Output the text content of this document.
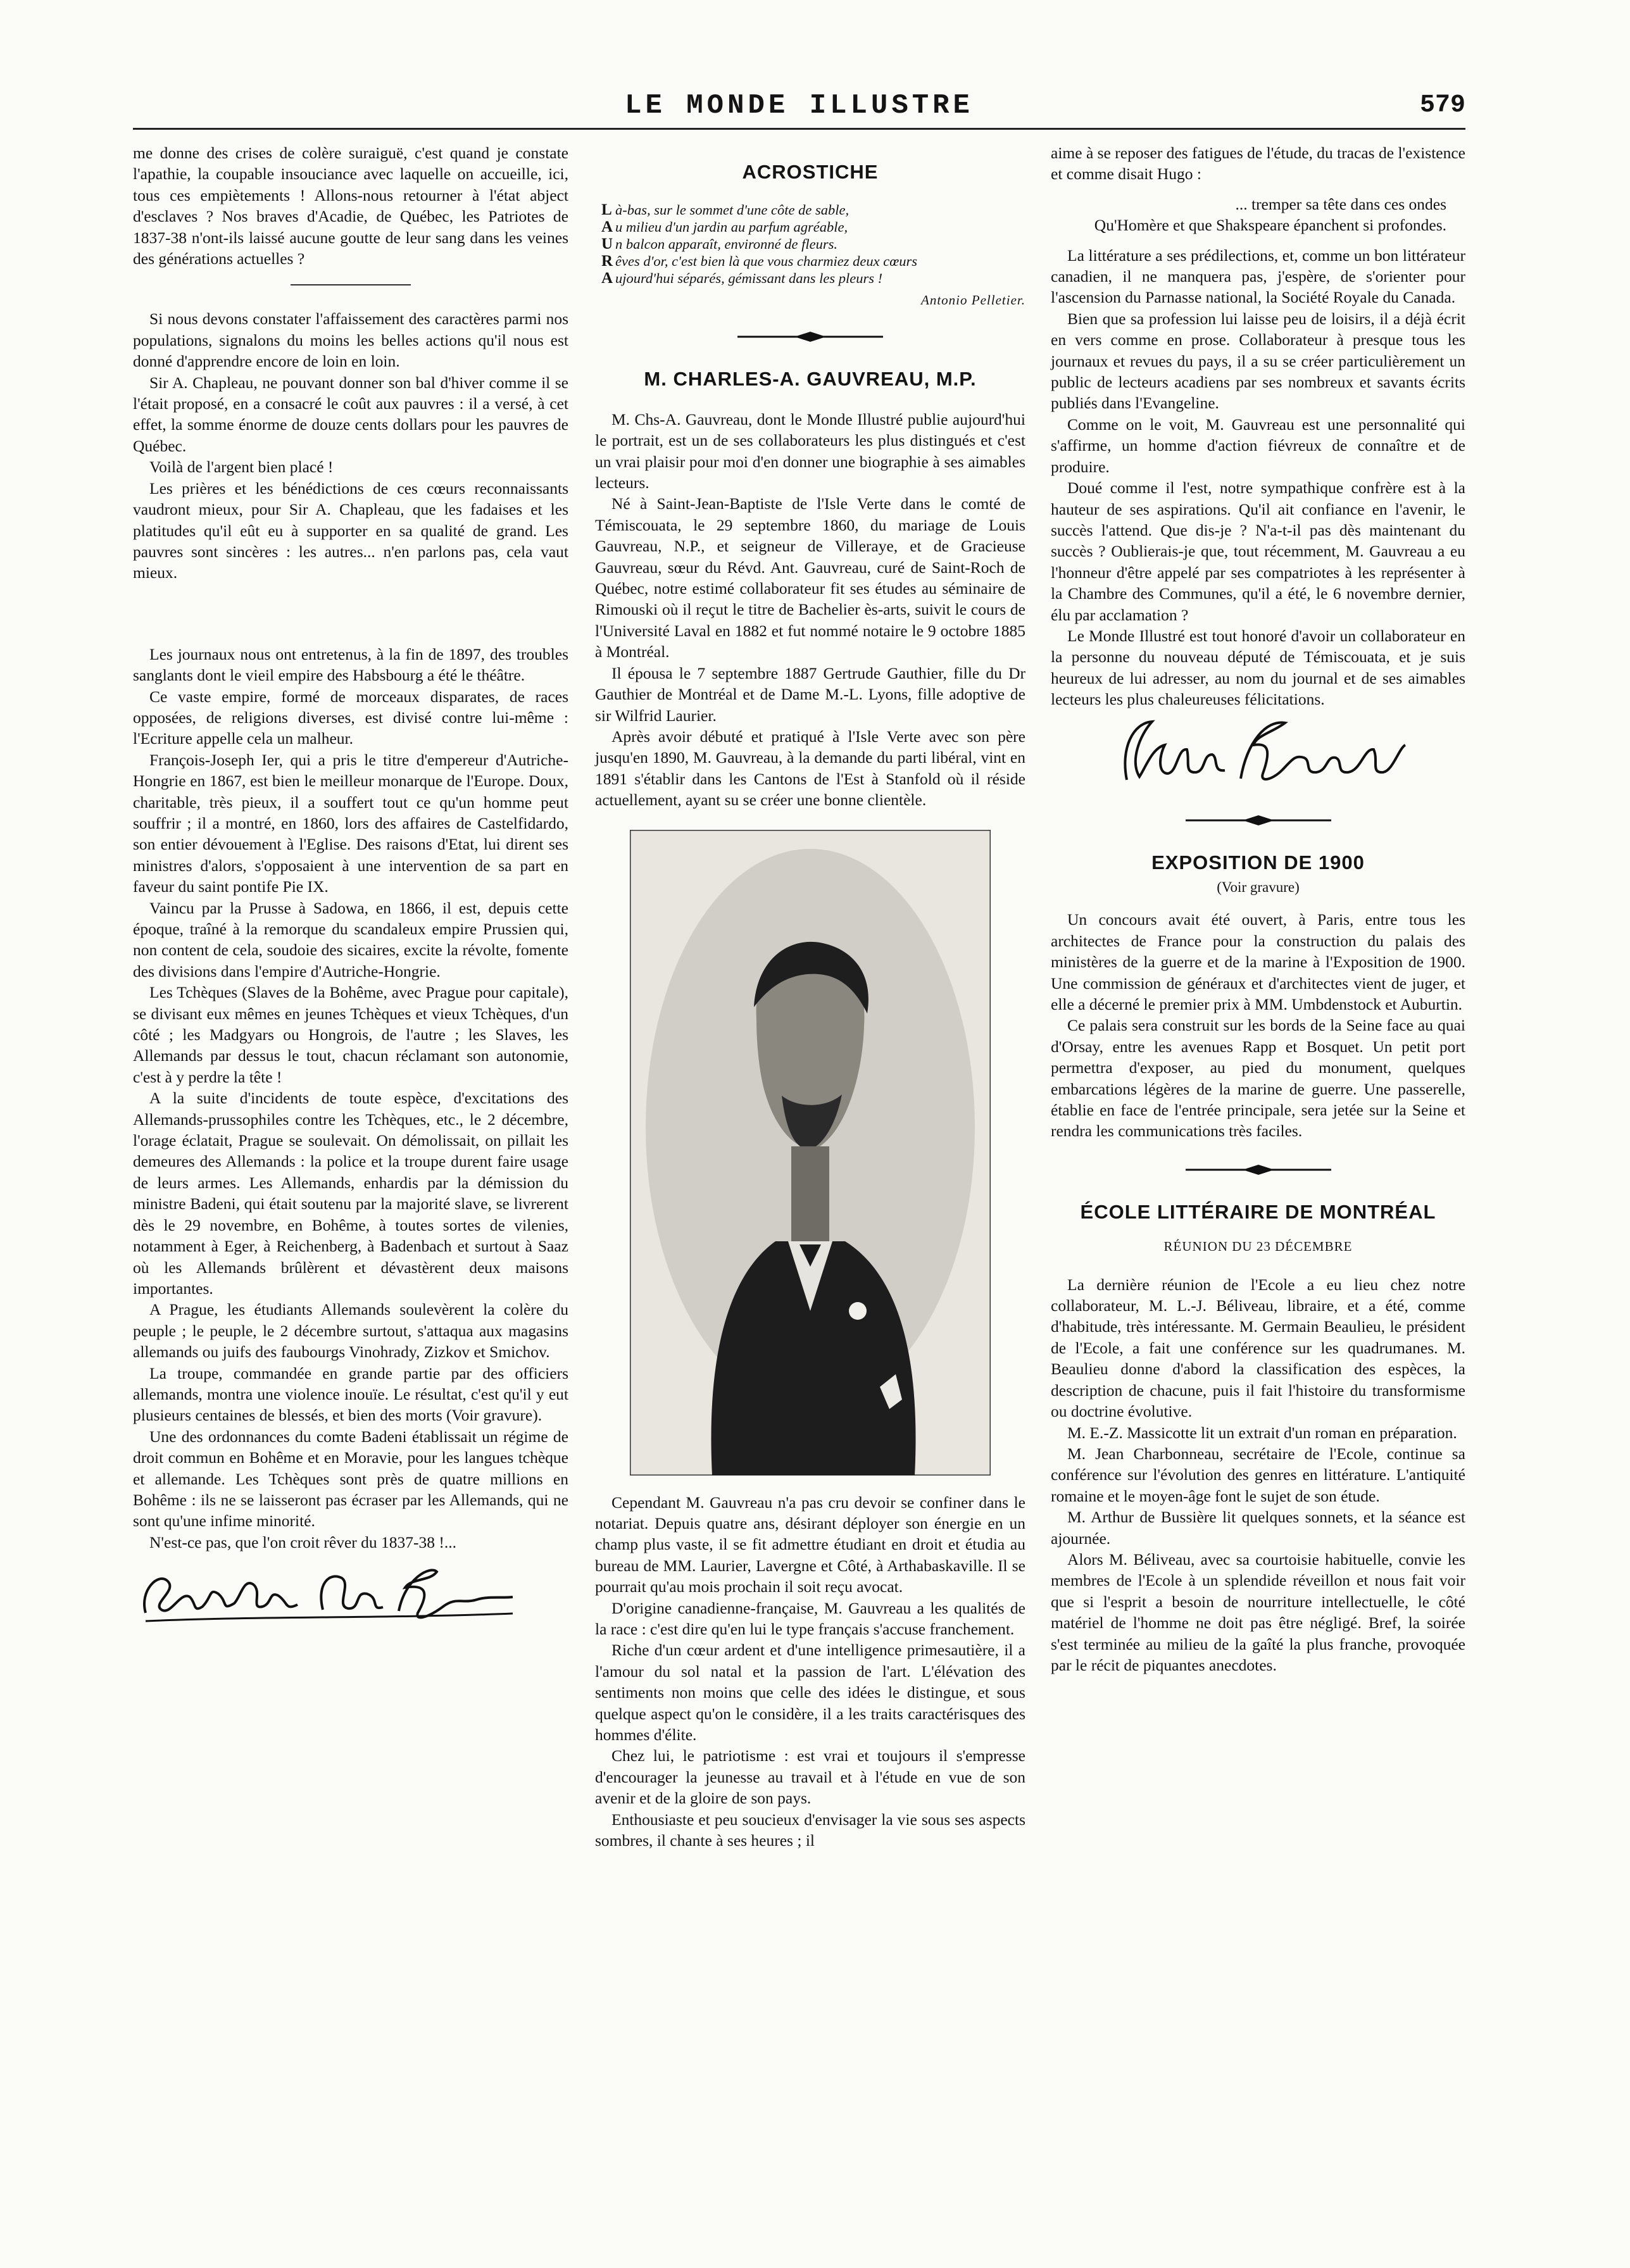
LE MONDE ILLUSTRE	579

me donne des crises de colère suraiguë, c'est quand je constate l'apathie, la coupable insouciance avec laquelle on accueille, ici, tous ces empiètements ! Allons-nous retourner à l'état abject d'esclaves ? Nos braves d'Acadie, de Québec, les Patriotes de 1837-38 n'ont-ils laissé aucune goutte de leur sang dans les veines des générations actuelles ?

Si nous devons constater l'affaissement des caractères parmi nos populations, signalons du moins les belles actions qu'il nous est donné d'apprendre encore de loin en loin.

Sir A. Chapleau, ne pouvant donner son bal d'hiver comme il se l'était proposé, en a consacré le coût aux pauvres : il a versé, à cet effet, la somme énorme de douze cents dollars pour les pauvres de Québec.

Voilà de l'argent bien placé !

Les prières et les bénédictions de ces cœurs reconnaissants vaudront mieux, pour Sir A. Chapleau, que les fadaises et les platitudes qu'il eût eu à supporter en sa qualité de grand. Les pauvres sont sincères : les autres... n'en parlons pas, cela vaut mieux.

Les journaux nous ont entretenus, à la fin de 1897, des troubles sanglants dont le vieil empire des Habsbourg a été le théâtre.

Ce vaste empire, formé de morceaux disparates, de races opposées, de religions diverses, est divisé contre lui-même : l'Ecriture appelle cela un malheur.

François-Joseph Ier, qui a pris le titre d'empereur d'Autriche-Hongrie en 1867, est bien le meilleur monarque de l'Europe. Doux, charitable, très pieux, il a souffert tout ce qu'un homme peut souffrir ; il a montré, en 1860, lors des affaires de Castelfidardo, son entier dévouement à l'Eglise. Des raisons d'Etat, lui dirent ses ministres d'alors, s'opposaient à une intervention de sa part en faveur du saint pontife Pie IX.

Vaincu par la Prusse à Sadowa, en 1866, il est, depuis cette époque, traîné à la remorque du scandaleux empire Prussien qui, non content de cela, soudoie des sicaires, excite la révolte, fomente des divisions dans l'empire d'Autriche-Hongrie.

Les Tchèques (Slaves de la Bohême, avec Prague pour capitale), se divisant eux mêmes en jeunes Tchèques et vieux Tchèques, d'un côté ; les Madgyars ou Hongrois, de l'autre ; les Slaves, les Allemands par dessus le tout, chacun réclamant son autonomie, c'est à y perdre la tête !

A la suite d'incidents de toute espèce, d'excitations des Allemands-prussophiles contre les Tchèques, etc., le 2 décembre, l'orage éclatait, Prague se soulevait. On démolissait, on pillait les demeures des Allemands : la police et la troupe durent faire usage de leurs armes. Les Allemands, enhardis par la démission du ministre Badeni, qui était soutenu par la majorité slave, se livrerent dès le 29 novembre, en Bohême, à toutes sortes de vilenies, notamment à Eger, à Reichenberg, à Badenbach et surtout à Saaz où les Allemands brûlèrent et dévastèrent deux maisons importantes.

A Prague, les étudiants Allemands soulevèrent la colère du peuple ; le peuple, le 2 décembre surtout, s'attaqua aux magasins allemands ou juifs des faubourgs Vinohrady, Zizkov et Smichov.

La troupe, commandée en grande partie par des officiers allemands, montra une violence inouïe. Le résultat, c'est qu'il y eut plusieurs centaines de blessés, et bien des morts (Voir gravure).

Une des ordonnances du comte Badeni établissait un régime de droit commun en Bohême et en Moravie, pour les langues tchèque et allemande. Les Tchèques sont près de quatre millions en Bohême : ils ne se laisseront pas écraser par les Allemands, qui ne sont qu'une infime minorité.

N'est-ce pas, que l'on croit rêver du 1837-38 !...

ACROSTICHE
L à-bas, sur le sommet d'une côte de sable,
A u milieu d'un jardin au parfum agréable,
U n balcon apparaît, environné de fleurs.
R êves d'or, c'est bien là que vous charmiez deux cœurs
A ujourd'hui séparés, gémissant dans les pleurs !
Antonio Pelletier.
M. CHARLES-A. GAUVREAU, M.P.

M. Chs-A. Gauvreau, dont le Monde Illustré publie aujourd'hui le portrait, est un de ses collaborateurs les plus distingués et c'est un vrai plaisir pour moi d'en donner une biographie à ses aimables lecteurs.

Né à Saint-Jean-Baptiste de l'Isle Verte dans le comté de Témiscouata, le 29 septembre 1860, du mariage de Louis Gauvreau, N.P., et seigneur de Villeraye, et de Gracieuse Gauvreau, sœur du Révd. Ant. Gauvreau, curé de Saint-Roch de Québec, notre estimé collaborateur fit ses études au séminaire de Rimouski où il reçut le titre de Bachelier ès-arts, suivit le cours de l'Université Laval en 1882 et fut nommé notaire le 9 octobre 1885 à Montréal.

Il épousa le 7 septembre 1887 Gertrude Gauthier, fille du Dr Gauthier de Montréal et de Dame M.-L. Lyons, fille adoptive de sir Wilfrid Laurier.

Après avoir débuté et pratiqué à l'Isle Verte avec son père jusqu'en 1890, M. Gauvreau, à la demande du parti libéral, vint en 1891 s'établir dans les Cantons de l'Est à Stanfold où il réside actuellement, ayant su se créer une bonne clientèle.

Cependant M. Gauvreau n'a pas cru devoir se confiner dans le notariat. Depuis quatre ans, désirant déployer son énergie en un champ plus vaste, il se fit admettre étudiant en droit et étudia au bureau de MM. Laurier, Lavergne et Côté, à Arthabaskaville. Il se pourrait qu'au mois prochain il soit reçu avocat.

D'origine canadienne-française, M. Gauvreau a les qualités de la race : c'est dire qu'en lui le type français s'accuse franchement.

Riche d'un cœur ardent et d'une intelligence primesautière, il a l'amour du sol natal et la passion de l'art. L'élévation des sentiments non moins que celle des idées le distingue, et sous quelque aspect qu'on le considère, il a les traits caractérisques des hommes d'élite.

Chez lui, le patriotisme : est vrai et toujours il s'empresse d'encourager la jeunesse au travail et à l'étude en vue de son avenir et de la gloire de son pays.

Enthousiaste et peu soucieux d'envisager la vie sous ses aspects sombres, il chante à ses heures ; il

aime à se reposer des fatigues de l'étude, du tracas de l'existence et comme disait Hugo :

... tremper sa tête dans ces ondes
Qu'Homère et que Shakspeare épanchent si profondes.

La littérature a ses prédilections, et, comme un bon littérateur canadien, il ne manquera pas, j'espère, de s'orienter pour l'ascension du Parnasse national, la Société Royale du Canada.

Bien que sa profession lui laisse peu de loisirs, il a déjà écrit en vers comme en prose. Collaborateur à presque tous les journaux et revues du pays, il a su se créer particulièrement un public de lecteurs acadiens par ses nombreux et savants écrits publiés dans l'Evangeline.

Comme on le voit, M. Gauvreau est une personnalité qui s'affirme, un homme d'action fiévreux de connaître et de produire.

Doué comme il l'est, notre sympathique confrère est à la hauteur de ses aspirations. Qu'il ait confiance en l'avenir, le succès l'attend. Que dis-je ? N'a-t-il pas dès maintenant du succès ? Oublierais-je que, tout récemment, M. Gauvreau a eu l'honneur d'être appelé par ses compatriotes à les représenter à la Chambre des Communes, qu'il a été, le 6 novembre dernier, élu par acclamation ?

Le Monde Illustré est tout honoré d'avoir un collaborateur en la personne du nouveau député de Témiscouata, et je suis heureux de lui adresser, au nom du journal et de ses aimables lecteurs les plus chaleureuses félicitations.

EXPOSITION DE 1900
(Voir gravure)

Un concours avait été ouvert, à Paris, entre tous les architectes de France pour la construction du palais des ministères de la guerre et de la marine à l'Exposition de 1900. Une commission de généraux et d'architectes vient de juger, et elle a décerné le premier prix à MM. Umbdenstock et Auburtin.

Ce palais sera construit sur les bords de la Seine face au quai d'Orsay, entre les avenues Rapp et Bosquet. Un petit port permettra d'exposer, au pied du monument, quelques embarcations légères de la marine de guerre. Une passerelle, établie en face de l'entrée principale, sera jetée sur la Seine et rendra les communications très faciles.

ÉCOLE LITTÉRAIRE DE MONTRÉAL
RÉUNION DU 23 DÉCEMBRE

La dernière réunion de l'Ecole a eu lieu chez notre collaborateur, M. L.-J. Béliveau, libraire, et a été, comme d'habitude, très intéressante. M. Germain Beaulieu, le président de l'Ecole, a fait une conférence sur les quadrumanes. M. Beaulieu donne d'abord la classification des espèces, la description de chacune, puis il fait l'histoire du transformisme ou doctrine évolutive.

M. E.-Z. Massicotte lit un extrait d'un roman en préparation.

M. Jean Charbonneau, secrétaire de l'Ecole, continue sa conférence sur l'évolution des genres en littérature. L'antiquité romaine et le moyen-âge font le sujet de son étude.

M. Arthur de Bussière lit quelques sonnets, et la séance est ajournée.

Alors M. Béliveau, avec sa courtoisie habituelle, convie les membres de l'Ecole à un splendide réveillon et nous fait voir que si l'esprit a besoin de nourriture intellectuelle, le côté matériel de l'homme ne doit pas être négligé. Bref, la soirée s'est terminée au milieu de la gaîté la plus franche, provoquée par le récit de piquantes anecdotes.
